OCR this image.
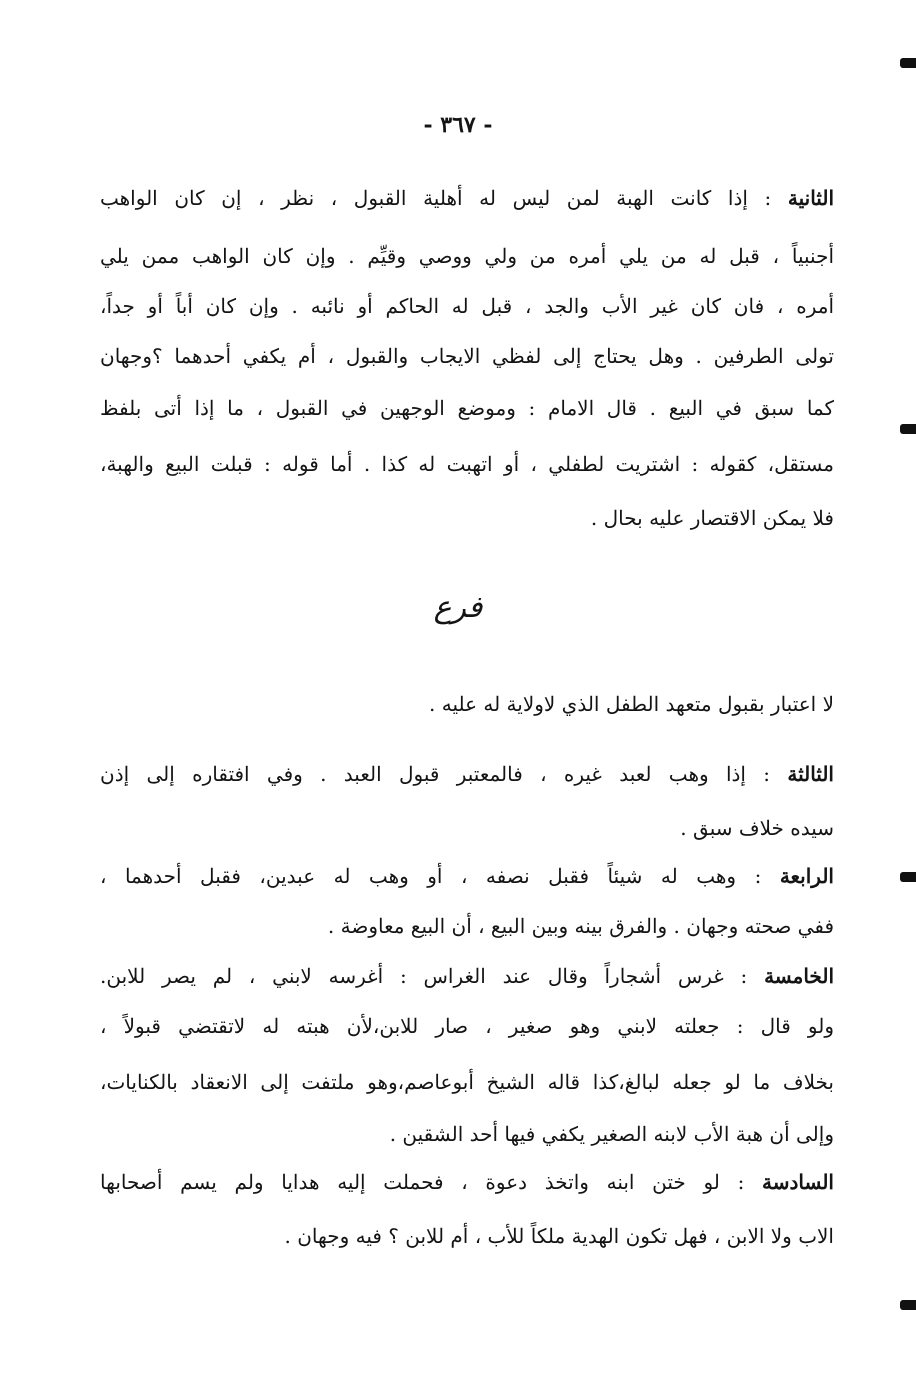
- ٣٦٧ -
الثانية : إذا كانت الهبة لمن ليس له أهلية القبول ، نظر ، إن كان الواهب
أجنبياً ، قبل له من يلي أمره من ولي ووصي وقيِّم . وإن كان الواهب ممن يلي
أمره ، فان كان غير الأب والجد ، قبل له الحاكم أو نائبه . وإن كان أباً أو جداً،
تولى الطرفين . وهل يحتاج إلى لفظي الايجاب والقبول ، أم يكفي أحدهما ؟وجهان
كما سبق في البيع . قال الامام : وموضع الوجهين في القبول ، ما إذا أتى بلفظ
مستقل، كقوله : اشتريت لطفلي ، أو اتهبت له كذا . أما قوله : قبلت البيع والهبة،
فلا يمكن الاقتصار عليه بحال .
فرع
لا اعتبار بقبول متعهد الطفل الذي لاولاية له عليه .
الثالثة : إذا وهب لعبد غيره ، فالمعتبر قبول العبد . وفي افتقاره إلى إذن
سيده خلاف سبق .
الرابعة : وهب له شيئاً فقبل نصفه ، أو وهب له عبدين، فقبل أحدهما ،
ففي صحته وجهان . والفرق بينه وبين البيع ، أن البيع معاوضة .
الخامسة : غرس أشجاراً وقال عند الغراس : أغرسه لابني ، لم يصر للابن.
ولو قال : جعلته لابني وهو صغير ، صار للابن،لأن هبته له لاتقتضي قبولاً ،
بخلاف ما لو جعله لبالغ،كذا قاله الشيخ أبوعاصم،وهو ملتفت إلى الانعقاد بالكنايات،
وإلى أن هبة الأب لابنه الصغير يكفي فيها أحد الشقين .
السادسة : لو ختن ابنه واتخذ دعوة ، فحملت إليه هدايا ولم يسم أصحابها
الاب ولا الابن ، فهل تكون الهدية ملكاً للأب ، أم للابن ؟ فيه وجهان .
